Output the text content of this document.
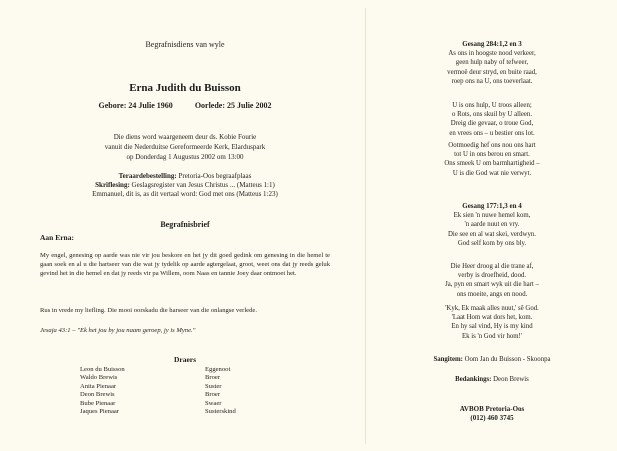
Begrafnisdiens van wyle
Erna Judith du Buisson
Gebore: 24 Julie 1960	Oorlede: 25 Julie 2002
Die diens word waargeneem deur ds. Kobie Fourie
vanuit die Nederduitse Gereformeerde Kerk, Elarduspark
op Donderdag 1 Augustus 2002 om 13:00
Teraardebestelling: Pretoria-Oos begraafplaas
Skriflesing: Geslagsregister van Jesus Christus ... (Matteus 1:1)
Emmanuel, dit is, as dit vertaal word: God met ons (Matteus 1:23)
Begrafnisbrief
Aan Erna:
My engel, genesing op aarde was nie vir jou beskore en het jy dit goed gedink om genesing in die hemel te gaan soek en al u die hartseer van die wat jy tydelik op aarde agtergelaat, groot, weet ons dat jy reeds geluk gevind het in die hemel en dat jy reeds vir pa Willem, oom Naas en tannie Joey daar ontmoet het.
Rus in vrede my liefling. Die mooi oorskadu die harseer van die onlangse verlede.
Jesaja 43:1 – "Ek het jou by jou naam geroep, jy is Myne."
Draers
Leon du Buisson	Eggenoot
Waldo Brewis	Broer
Anita Pienaar	Suster
Deon Brewis	Broer
Bube Pienaar	Swaer
Jaques Pienaar	Susterskind
Gesang 284:1,2 en 3
As ons in hoogste nood verkeer,
geen hulp naby of tefweer,
vermoë deur stryd, en buite raad,
roep ons na U, ons toeverlaat.
U is ons hulp, U troos alleen;
o Rots, ons skuil by U alleen.
Dreig die gevaar, o troue God,
en vrees ons – u bestier ons lot.
Ootmoedig hef ons nou ons hart
tot U in ons berou en smart.
Ons smeek U om barmhartigheid –
U is die God wat nie verwyt.
Gesang 177:1,3 en 4
Ek sien 'n nuwe hemel kom,
'n aarde nuut en vry.
Die see en al wat skei, verdwyn.
God self kom by ons bly.
Die Heer droog al die trane af,
verby is droefheid, dood.
Ja, pyn en smart wyk uit die hart –
ons moeite, angs en nood.
'Kyk, Ek maak alles nuut,' sê God.
'Laat Hom wat dors het, kom.
En hy sal vind, Hy is my kind
Ek is 'n God vir hom!'
Sangitem: Oom Jan du Buisson - Skoonpa
Bedankings: Deon Brewis
AVBOB Pretoria-Oos
(012) 460 3745
